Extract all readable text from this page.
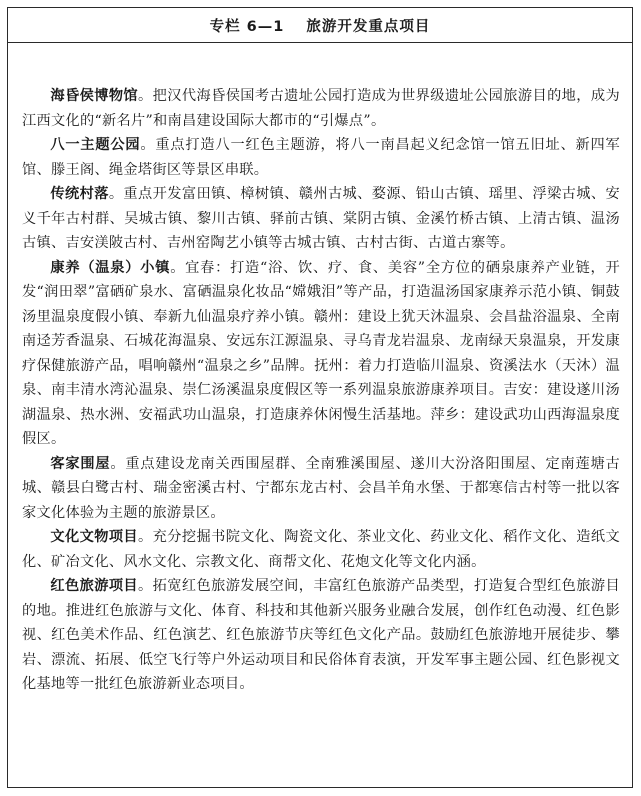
专栏 6—1 旅游开发重点项目

海昏侯博物馆。把汉代海昏侯国考古遗址公园打造成为世界级遗址公园旅游目的地，成为江西文化的“新名片”和南昌建设国际大都市的“引爆点”。

八一主题公园。重点打造八一红色主题游，将八一南昌起义纪念馆一馆五旧址、新四军馆、滕王阁、绳金塔街区等景区串联。

传统村落。重点开发富田镇、樟树镇、赣州古城、婺源、铅山古镇、瑶里、浮梁古城、安义千年古村群、吴城古镇、黎川古镇、驿前古镇、棠阴古镇、金溪竹桥古镇、上清古镇、温汤古镇、吉安渼陂古村、吉州窑陶艺小镇等古城古镇、古村古街、古道古寨等。

康养（温泉）小镇。宜春：打造“浴、饮、疗、食、美容”全方位的硒泉康养产业链，开发“润田翠”富硒矿泉水、富硒温泉化妆品“嫦娥泪”等产品，打造温汤国家康养示范小镇、铜鼓汤里温泉度假小镇、奉新九仙温泉疗养小镇。赣州：建设上犹天沐温泉、会昌盐浴温泉、全南南迳芳香温泉、石城花海温泉、安远东江源温泉、寻乌青龙岩温泉、龙南绿天泉温泉，开发康疗保健旅游产品，唱响赣州“温泉之乡”品牌。抚州：着力打造临川温泉、资溪法水（天沐）温泉、南丰清水湾沁温泉、崇仁汤溪温泉度假区等一系列温泉旅游康养项目。吉安：建设遂川汤湖温泉、热水洲、安福武功山温泉，打造康养休闲慢生活基地。萍乡：建设武功山西海温泉度假区。

客家围屋。重点建设龙南关西围屋群、全南雅溪围屋、遂川大汾洛阳围屋、定南莲塘古城、赣县白鹭古村、瑞金密溪古村、宁都东龙古村、会昌羊角水堡、于都寒信古村等一批以客家文化体验为主题的旅游景区。

文化文物项目。充分挖掘书院文化、陶瓷文化、茶业文化、药业文化、稻作文化、造纸文化、矿冶文化、风水文化、宗教文化、商帮文化、花炮文化等文化内涵。

红色旅游项目。拓宽红色旅游发展空间，丰富红色旅游产品类型，打造复合型红色旅游目的地。推进红色旅游与文化、体育、科技和其他新兴服务业融合发展，创作红色动漫、红色影视、红色美术作品、红色演艺、红色旅游节庆等红色文化产品。鼓励红色旅游地开展徒步、攀岩、漂流、拓展、低空飞行等户外运动项目和民俗体育表演，开发军事主题公园、红色影视文化基地等一批红色旅游新业态项目。
